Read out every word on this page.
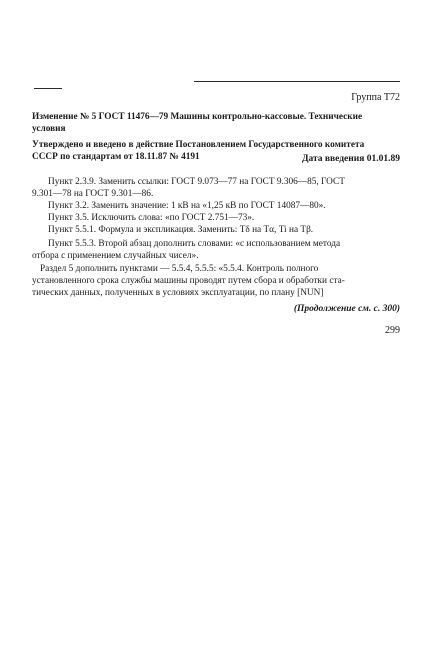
Группа Т72
Изменение № 5 ГОСТ 11476—79 Машины контрольно-кассовые. Технические
условия
Утверждено и введено в действие Постановлением Государственного комитета
СССР по стандартам от 18.11.87 № 4191	Дата введения 01.01.89
Пункт 2.3.9. Заменить ссылки: ГОСТ 9.073—77 на ГОСТ 9.306—85, ГОСТ
9.301—78 на ГОСТ 9.301—86.
Пункт 3.2. Заменить значение: 1 кВ на «1,25 кВ по ГОСТ 14087—80».
Пункт 3.5. Исключить слова: «по ГОСТ 2.751—73».
Пункт 5.5.1. Формула и экспликация. Заменить: Tδ на Tα, Ti на Tβ.
Пункт 5.5.3. Второй абзац дополнить словами: «с использованием метода
отбора с применением случайных чисел».
Раздел 5 дополнить пунктами — 5.5.4, 5.5.5: «5.5.4. Контроль полного
установленного срока службы машины проводят путем сбора и обработки ста-
тических данных, полученных в условиях эксплуатации, по плану [NUN]
(Продолжение см. с. 300)
299
